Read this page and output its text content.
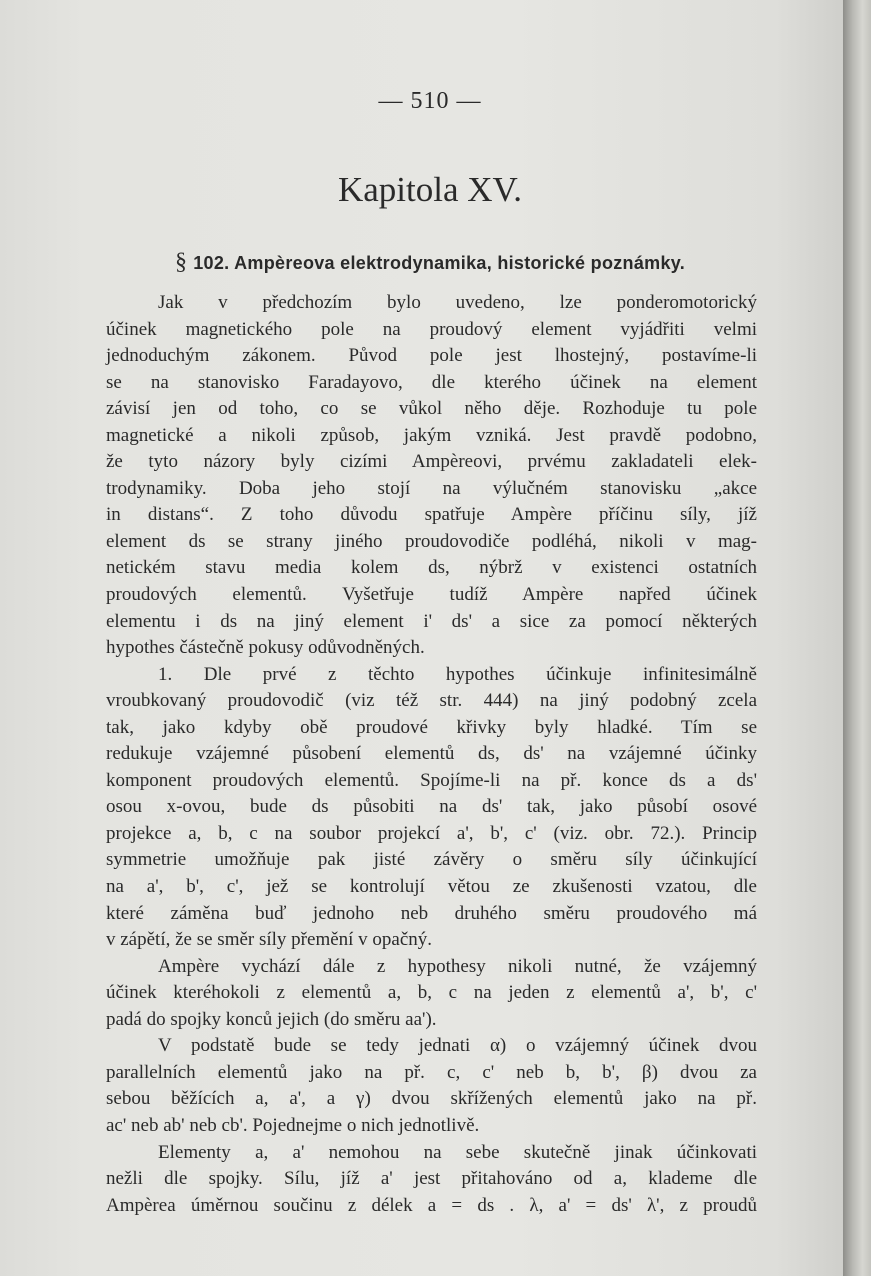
— 510 —
Kapitola XV.
§ 102. Ampèreova elektrodynamika, historické poznámky.
Jak v předchozím bylo uvedeno, lze ponderomotorický
účinek magnetického pole na proudový element vyjádřiti velmi
jednoduchým zákonem. Původ pole jest lhostejný, postavíme-li
se na stanovisko Faradayovo, dle kterého účinek na element
závisí jen od toho, co se vůkol něho děje. Rozhoduje tu pole
magnetické a nikoli způsob, jakým vzniká. Jest pravdě podobno,
že tyto názory byly cizími Ampèreovi, prvému zakladateli elek-
trodynamiky. Doba jeho stojí na výlučném stanovisku „akce
in distans“. Z toho důvodu spatřuje Ampère příčinu síly, jíž
element ds se strany jiného proudovodiče podléhá, nikoli v mag-
netickém stavu media kolem ds, nýbrž v existenci ostatních
proudových elementů. Vyšetřuje tudíž Ampère napřed účinek
elementu i ds na jiný element i' ds' a sice za pomocí některých
hypothes částečně pokusy odůvodněných.
1. Dle prvé z těchto hypothes účinkuje infinitesimálně
vroubkovaný proudovodič (viz též str. 444) na jiný podobný zcela
tak, jako kdyby obě proudové křivky byly hladké. Tím se
redukuje vzájemné působení elementů ds, ds' na vzájemné účinky
komponent proudových elementů. Spojíme-li na př. konce ds a ds'
osou x-ovou, bude ds působiti na ds' tak, jako působí osové
projekce a, b, c na soubor projekcí a', b', c' (viz. obr. 72.). Princip
symmetrie umožňuje pak jisté závěry o směru síly účinkující
na a', b', c', jež se kontrolují větou ze zkušenosti vzatou, dle
které záměna buď jednoho neb druhého směru proudového má
v zápětí, že se směr síly přemění v opačný.
Ampère vychází dále z hypothesy nikoli nutné, že vzájemný
účinek kteréhokoli z elementů a, b, c na jeden z elementů a', b', c'
padá do spojky konců jejich (do směru aa').
V podstatě bude se tedy jednati α) o vzájemný účinek dvou
parallelních elementů jako na př. c, c' neb b, b', β) dvou za
sebou běžících a, a', a γ) dvou skřížených elementů jako na př.
ac' neb ab' neb cb'. Pojednejme o nich jednotlivě.
Elementy a, a' nemohou na sebe skutečně jinak účinkovati
nežli dle spojky. Sílu, jíž a' jest přitahováno od a, klademe dle
Ampèrea úměrnou součinu z délek a = ds . λ, a' = ds' λ', z proudů
